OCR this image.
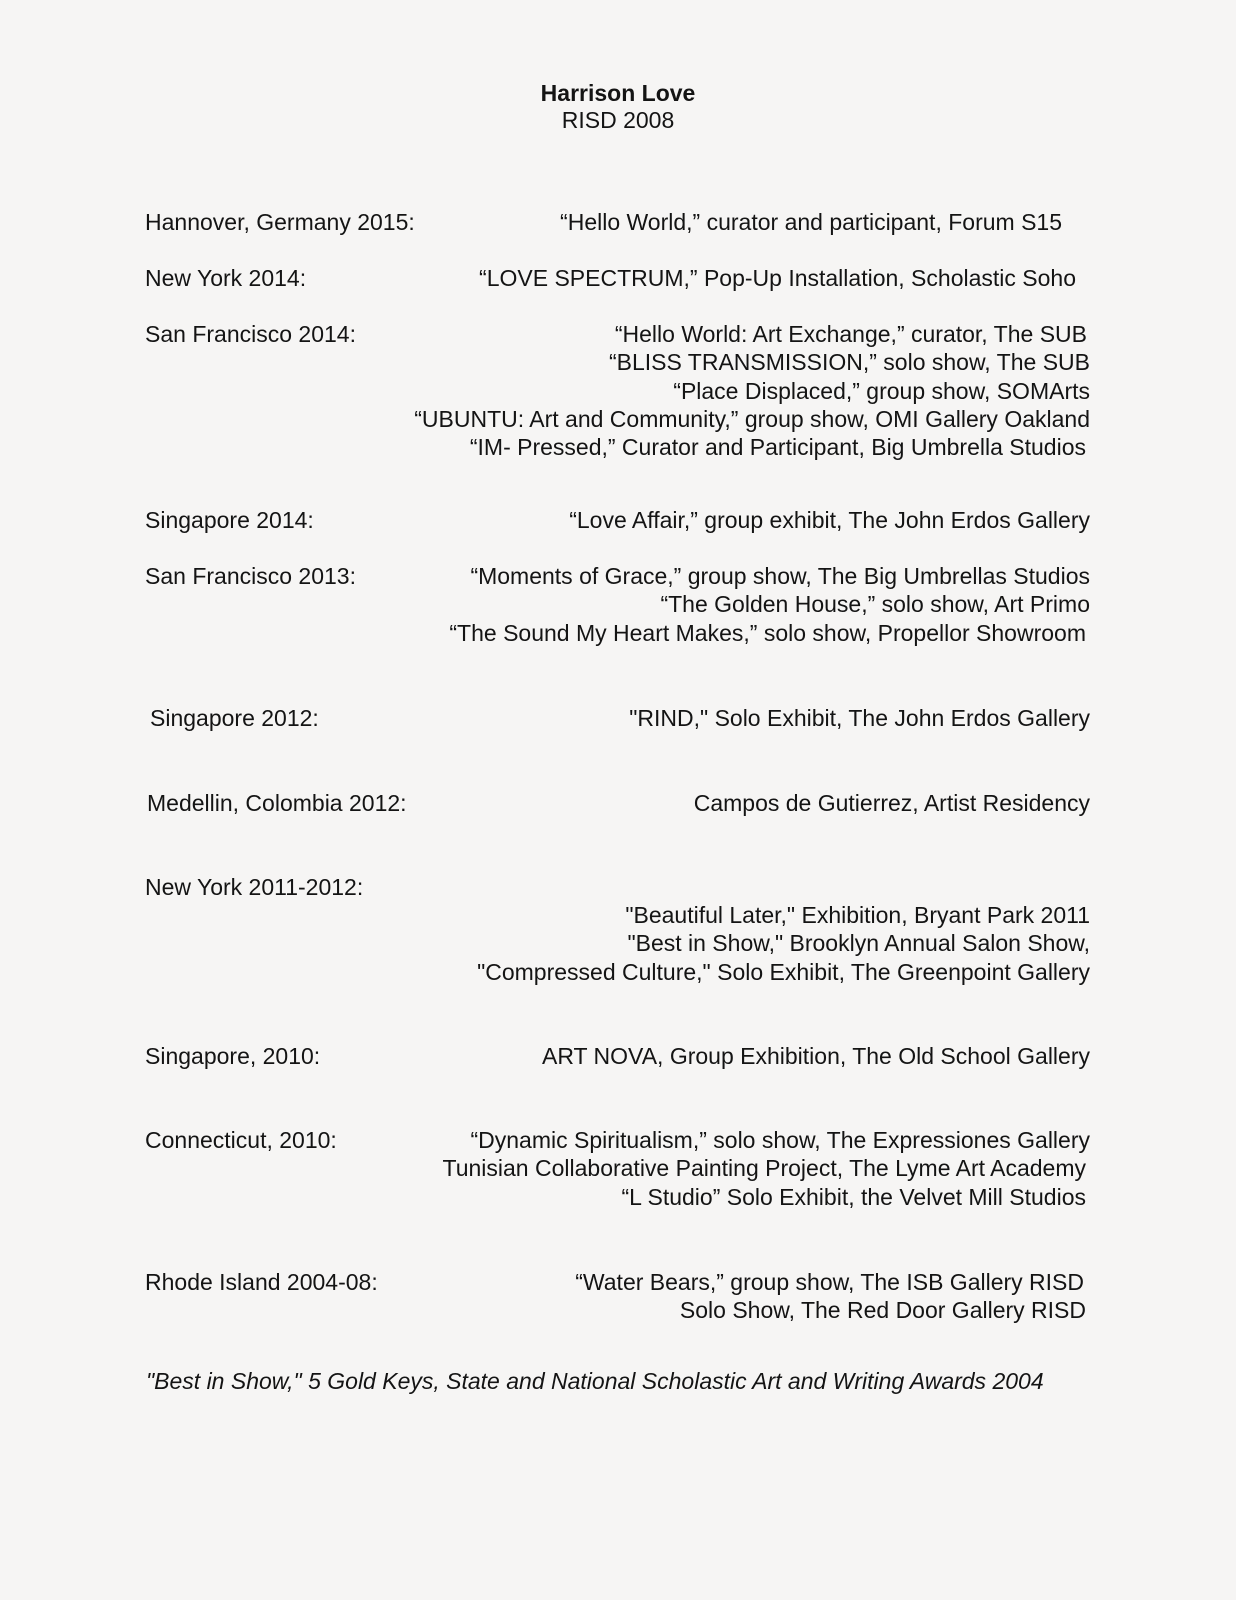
Harrison Love
RISD 2008
Hannover, Germany 2015:	“Hello World,” curator and participant, Forum S15
New York 2014:	“LOVE SPECTRUM,” Pop-Up Installation, Scholastic Soho
San Francisco 2014:	“Hello World: Art Exchange,” curator, The SUB
“BLISS TRANSMISSION,” solo show, The SUB
“Place Displaced,” group show, SOMArts
“UBUNTU: Art and Community,” group show, OMI Gallery Oakland
“IM- Pressed,” Curator and Participant, Big Umbrella Studios
Singapore 2014:	“Love Affair,” group exhibit, The John Erdos Gallery
San Francisco 2013:	“Moments of Grace,” group show, The Big Umbrellas Studios
“The Golden House,” solo show, Art Primo
“The Sound My Heart Makes,” solo show, Propellor Showroom
Singapore 2012:	"RIND," Solo Exhibit, The John Erdos Gallery
Medellin, Colombia 2012:	Campos de Gutierrez, Artist Residency
New York 2011-2012:
"Beautiful Later," Exhibition, Bryant Park 2011
"Best in Show," Brooklyn Annual Salon Show,
"Compressed Culture," Solo Exhibit, The Greenpoint Gallery
Singapore, 2010:	ART NOVA, Group Exhibition, The Old School Gallery
Connecticut, 2010:	“Dynamic Spiritualism,” solo show, The Expressiones Gallery
Tunisian Collaborative Painting Project, The Lyme Art Academy
“L Studio” Solo Exhibit, the Velvet Mill Studios
Rhode Island 2004-08:	“Water Bears,” group show, The ISB Gallery RISD
Solo Show, The Red Door Gallery RISD
"Best in Show," 5 Gold Keys, State and National Scholastic Art and Writing Awards 2004
